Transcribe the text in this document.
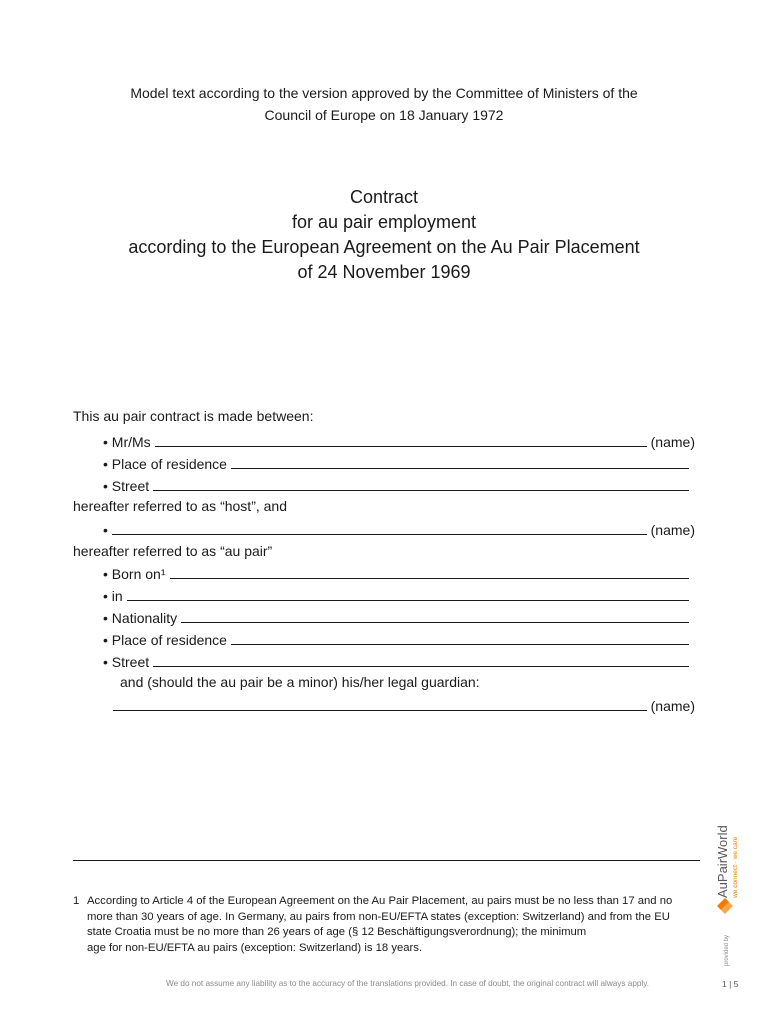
Model text according to the version approved by the Committee of Ministers of the
Council of Europe on 18 January 1972
Contract
for au pair employment
according to the European Agreement on the Au Pair Placement
of 24 November 1969
This au pair contract is made between:
• Mr/Ms	(name)
• Place of residence
• Street
hereafter referred to as “host”, and
•	(name)
hereafter referred to as “au pair”
• Born on¹
• in
• Nationality
• Place of residence
• Street
and (should the au pair be a minor) his/her legal guardian:
(name)
1 According to Article 4 of the European Agreement on the Au Pair Placement, au pairs must be no less than 17 and no
more than 30 years of age. In Germany, au pairs from non-EU/EFTA states (exception: Switzerland) and from the EU
state Croatia must be no more than 26 years of age (§ 12 Beschäftigungsverordnung); the minimum
age for non-EU/EFTA au pairs (exception: Switzerland) is 18 years.
We do not assume any liability as to the accuracy of the translations provided. In case of doubt, the original contract will always apply.	1 | 5
AuPairWorld we connect · we care
provided by
